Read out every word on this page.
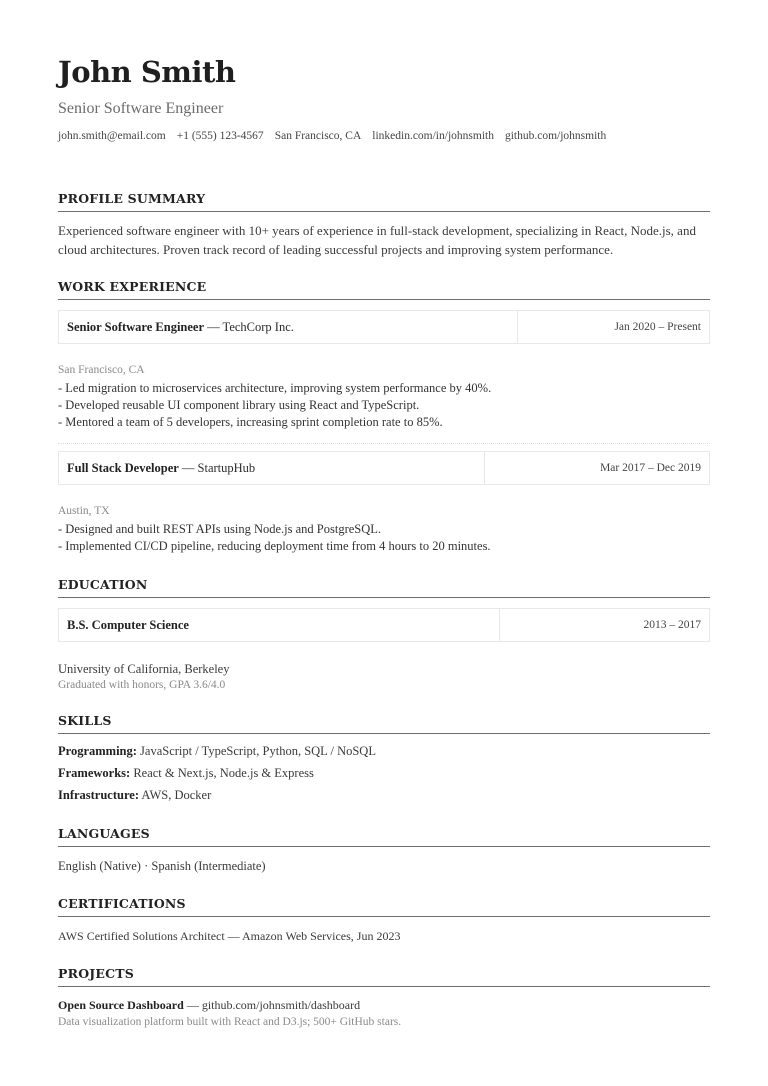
John Smith
Senior Software Engineer
john.smith@email.com +1 (555) 123-4567 San Francisco, CA linkedin.com/in/johnsmith github.com/johnsmith
PROFILE SUMMARY
Experienced software engineer with 10+ years of experience in full-stack development, specializing in React, Node.js, and cloud architectures. Proven track record of leading successful projects and improving system performance.
WORK EXPERIENCE
Senior Software Engineer — TechCorp Inc.	Jan 2020 – Present
San Francisco, CA
- Led migration to microservices architecture, improving system performance by 40%.
- Developed reusable UI component library using React and TypeScript.
- Mentored a team of 5 developers, increasing sprint completion rate to 85%.
Full Stack Developer — StartupHub	Mar 2017 – Dec 2019
Austin, TX
- Designed and built REST APIs using Node.js and PostgreSQL.
- Implemented CI/CD pipeline, reducing deployment time from 4 hours to 20 minutes.
EDUCATION
B.S. Computer Science	2013 – 2017
University of California, Berkeley
Graduated with honors, GPA 3.6/4.0
SKILLS
Programming: JavaScript / TypeScript, Python, SQL / NoSQL
Frameworks: React & Next.js, Node.js & Express
Infrastructure: AWS, Docker
LANGUAGES
English (Native) · Spanish (Intermediate)
CERTIFICATIONS
AWS Certified Solutions Architect — Amazon Web Services, Jun 2023
PROJECTS
Open Source Dashboard — github.com/johnsmith/dashboard
Data visualization platform built with React and D3.js; 500+ GitHub stars.
